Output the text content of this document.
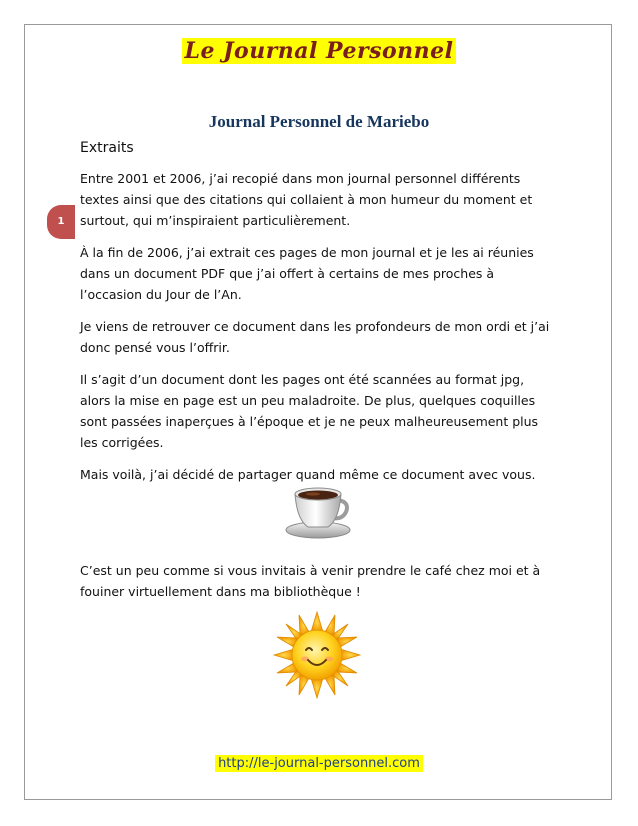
Le Journal Personnel
Journal Personnel de Mariebo
Extraits
1

Entre 2001 et 2006, j’ai recopié dans mon journal personnel différents textes ainsi que des citations qui collaient à mon humeur du moment et surtout, qui m’inspiraient particulièrement.

À la fin de 2006, j’ai extrait ces pages de mon journal et je les ai réunies dans un document PDF que j’ai offert à certains de mes proches à l’occasion du Jour de l’An.

Je viens de retrouver ce document dans les profondeurs de mon ordi et j’ai donc pensé vous l’offrir.

Il s’agit d’un document dont les pages ont été scannées au format jpg, alors la mise en page est un peu maladroite. De plus, quelques coquilles sont passées inaperçues à l’époque et je ne peux malheureusement plus les corrigées.

Mais voilà, j’ai décidé de partager quand même ce document avec vous.

C’est un peu comme si vous invitais à venir prendre le café chez moi et à fouiner virtuellement dans ma bibliothèque !

http://le-journal-personnel.com
